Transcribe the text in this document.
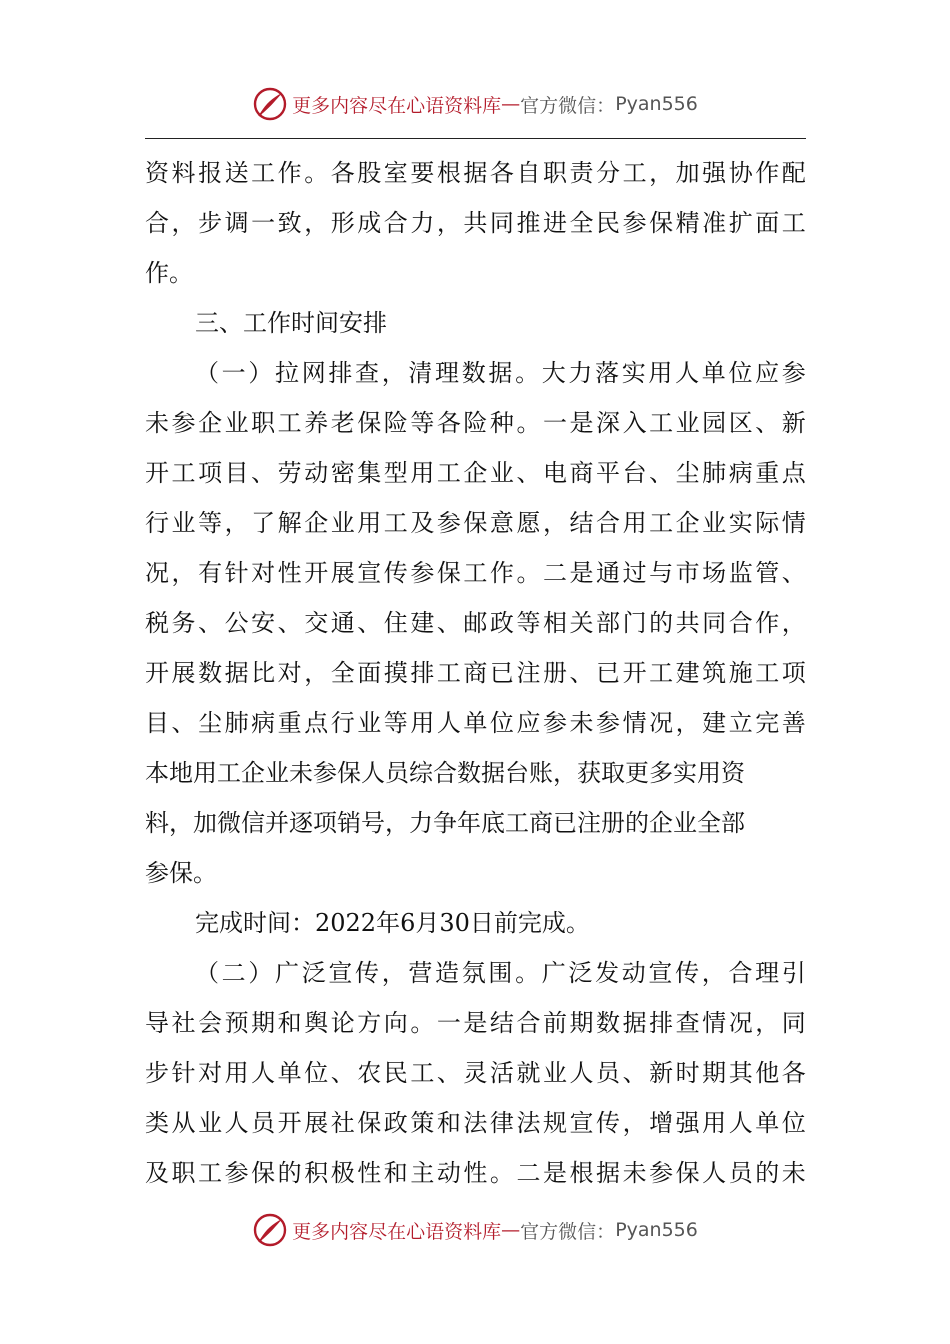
更多内容尽在心语资料库 — 官方微信： Pyan556
资 料 报 送 工 作 。 各 股 室 要 根 据 各 自 职 责 分 工 ， 加 强 协 作 配
合 ， 步 调 一 致 ， 形 成 合 力 ， 共 同 推 进 全 民 参 保 精 准 扩 面 工
作。
三、工作时间安排
（ 一 ） 拉 网 排 查 ， 清 理 数 据 。 大 力 落 实 用 人 单 位 应 参
未 参 企 业 职 工 养 老 保 险 等 各 险 种 。 一 是 深 入 工 业 园 区 、 新
开 工 项 目 、 劳 动 密 集 型 用 工 企 业 、 电 商 平 台 、 尘 肺 病 重 点
行 业 等 ， 了 解 企 业 用 工 及 参 保 意 愿 ， 结 合 用 工 企 业 实 际 情
况 ， 有 针 对 性 开 展 宣 传 参 保 工 作 。 二 是 通 过 与 市 场 监 管 、
税 务 、 公 安 、 交 通 、 住 建 、 邮 政 等 相 关 部 门 的 共 同 合 作 ，
开 展 数 据 比 对 ， 全 面 摸 排 工 商 已 注 册 、 已 开 工 建 筑 施 工 项
目 、 尘 肺 病 重 点 行 业 等 用 人 单 位 应 参 未 参 情 况 ， 建 立 完 善
本地用工企业未参保人员综合数据台账， 获取更多实用资
料，加微信 并逐项销号，力争年底工商已注册的企业全部
参保。
完成时间：2022年6月30日前完成。
（ 二 ） 广 泛 宣 传 ， 营 造 氛 围 。 广 泛 发 动 宣 传 ， 合 理 引
导 社 会 预 期 和 舆 论 方 向 。 一 是 结 合 前 期 数 据 排 查 情 况 ， 同
步 针 对 用 人 单 位 、 农 民 工 、 灵 活 就 业 人 员 、 新 时 期 其 他 各
类 从 业 人 员 开 展 社 保 政 策 和 法 律 法 规 宣 传 ， 增 强 用 人 单 位
及 职 工 参 保 的 积 极 性 和 主 动 性 。 二 是 根 据 未 参 保 人 员 的 未
更多内容尽在心语资料库 — 官方微信： Pyan556
